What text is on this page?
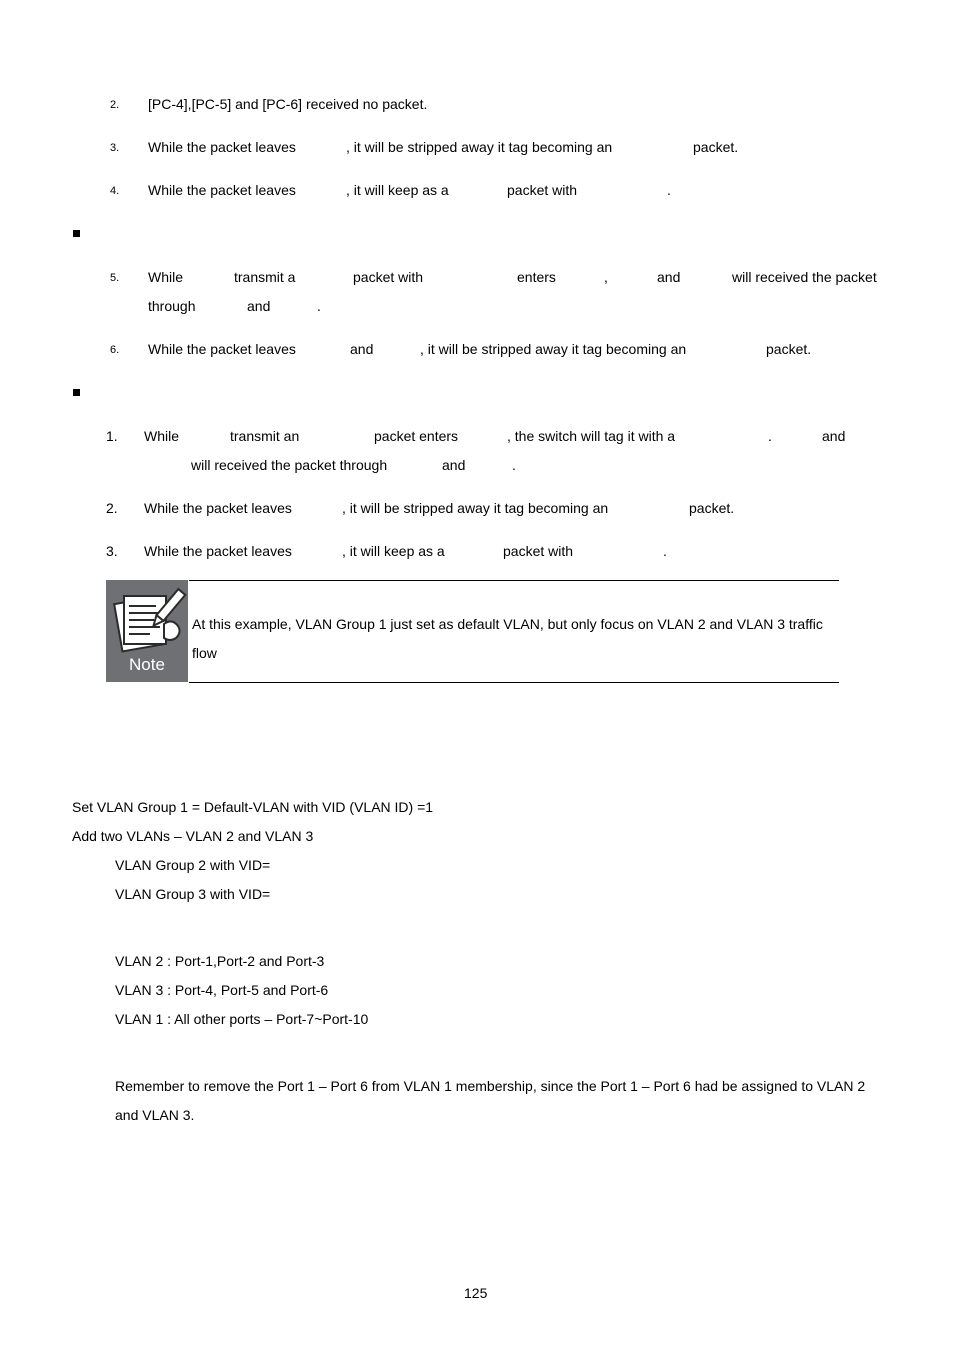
2. [PC-4],[PC-5] and [PC-6] received no packet.
3. While the packet leaves	, it will be stripped away it tag becoming an	packet.
4. While the packet leaves	, it will keep as a	packet with	.
5. While	transmit a	packet with	enters	,	and	will received the packet
through	and	.
6. While the packet leaves	and	, it will be stripped away it tag becoming an	packet.
1. While	transmit an	packet enters	, the switch will tag it with a	.	and
will received the packet through	and	.
2. While the packet leaves	, it will be stripped away it tag becoming an	packet.
3. While the packet leaves	, it will keep as a	packet with	.
Note
At this example, VLAN Group 1 just set as default VLAN, but only focus on VLAN 2 and VLAN 3 traffic
flow
Set VLAN Group 1 = Default-VLAN with VID (VLAN ID) =1
Add two VLANs – VLAN 2 and VLAN 3
VLAN Group 2 with VID=
VLAN Group 3 with VID=
VLAN 2 : Port-1,Port-2 and Port-3
VLAN 3 : Port-4, Port-5 and Port-6
VLAN 1 : All other ports – Port-7~Port-10
Remember to remove the Port 1 – Port 6 from VLAN 1 membership, since the Port 1 – Port 6 had be assigned to VLAN 2
and VLAN 3.
125
